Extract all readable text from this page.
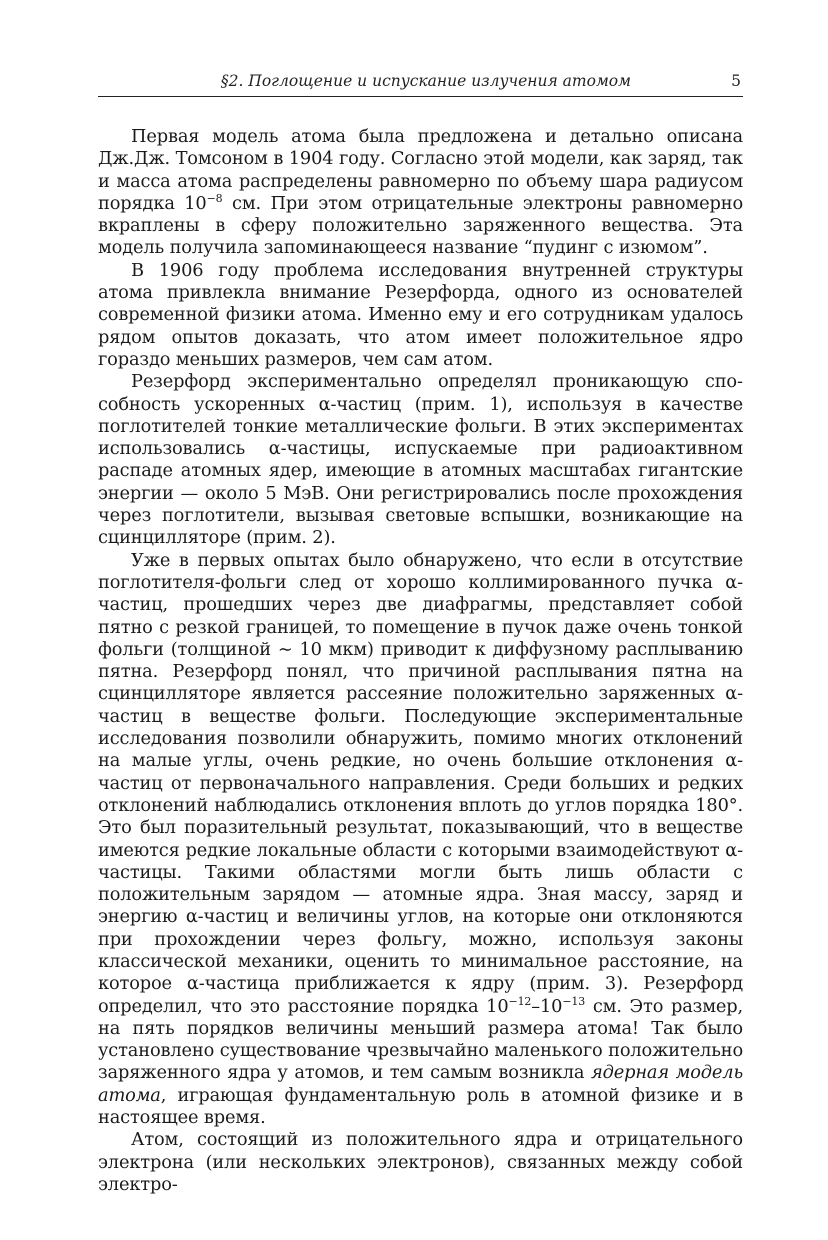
§2. Поглощение и испускание излучения атомом	5

Первая модель атома была предложена и детально описана Дж.Дж. Томсоном в 1904 году. Согласно этой модели, как заряд, так и масса атома распределены равномерно по объему шара радиусом порядка $10^{-8}$ см. При этом отрицательные электроны равномерно вкраплены в сферу положительно заряженного вещества. Эта модель получила запоминающееся название “пудинг с изюмом”.

В 1906 году проблема исследования внутренней структуры атома привлекла внимание Резерфорда, одного из основателей современной физики атома. Именно ему и его сотрудникам удалось рядом опытов доказать, что атом имеет положительное ядро гораздо меньших размеров, чем сам атом.

Резерфорд экспериментально определял проникающую способность ускоренных α-частиц (прим. 1), используя в качестве поглотителей тонкие металлические фольги. В этих экспериментах использовались α-частицы, испускаемые при радиоактивном распаде атомных ядер, имеющие в атомных масштабах гигантские энергии — около 5 МэВ. Они регистрировались после прохождения через поглотители, вызывая световые вспышки, возникающие на сцинцилляторе (прим. 2).

Уже в первых опытах было обнаружено, что если в отсутствие поглотителя-фольги след от хорошо коллимированного пучка α-частиц, прошедших через две диафрагмы, представляет собой пятно с резкой границей, то помещение в пучок даже очень тонкой фольги (толщиной ∼ 10 мкм) приводит к диффузному расплыванию пятна. Резерфорд понял, что причиной расплывания пятна на сцинцилляторе является рассеяние положительно заряженных α-частиц в веществе фольги. Последующие экспериментальные исследования позволили обнаружить, помимо многих отклонений на малые углы, очень редкие, но очень большие отклонения α-частиц от первоначального направления. Среди больших и редких отклонений наблюдались отклонения вплоть до углов порядка 180°. Это был поразительный результат, показывающий, что в веществе имеются редкие локальные области с которыми взаимодействуют α-частицы. Такими областями могли быть лишь области с положительным зарядом — атомные ядра. Зная массу, заряд и энергию α-частиц и величины углов, на которые они отклоняются при прохождении через фольгу, можно, используя законы классической механики, оценить то минимальное расстояние, на которое α-частица приближается к ядру (прим. 3). Резерфорд определил, что это расстояние порядка $10^{-12}-10^{-13}$ см. Это размер, на пять порядков величины меньший размера атома! Так было установлено существование чрезвычайно маленького положительно заряженного ядра у атомов, и тем самым возникла ядерная модель атома, играющая фундаментальную роль в атомной физике и в настоящее время.

Атом, состоящий из положительного ядра и отрицательного электрона (или нескольких электронов), связанных между собой электро-
